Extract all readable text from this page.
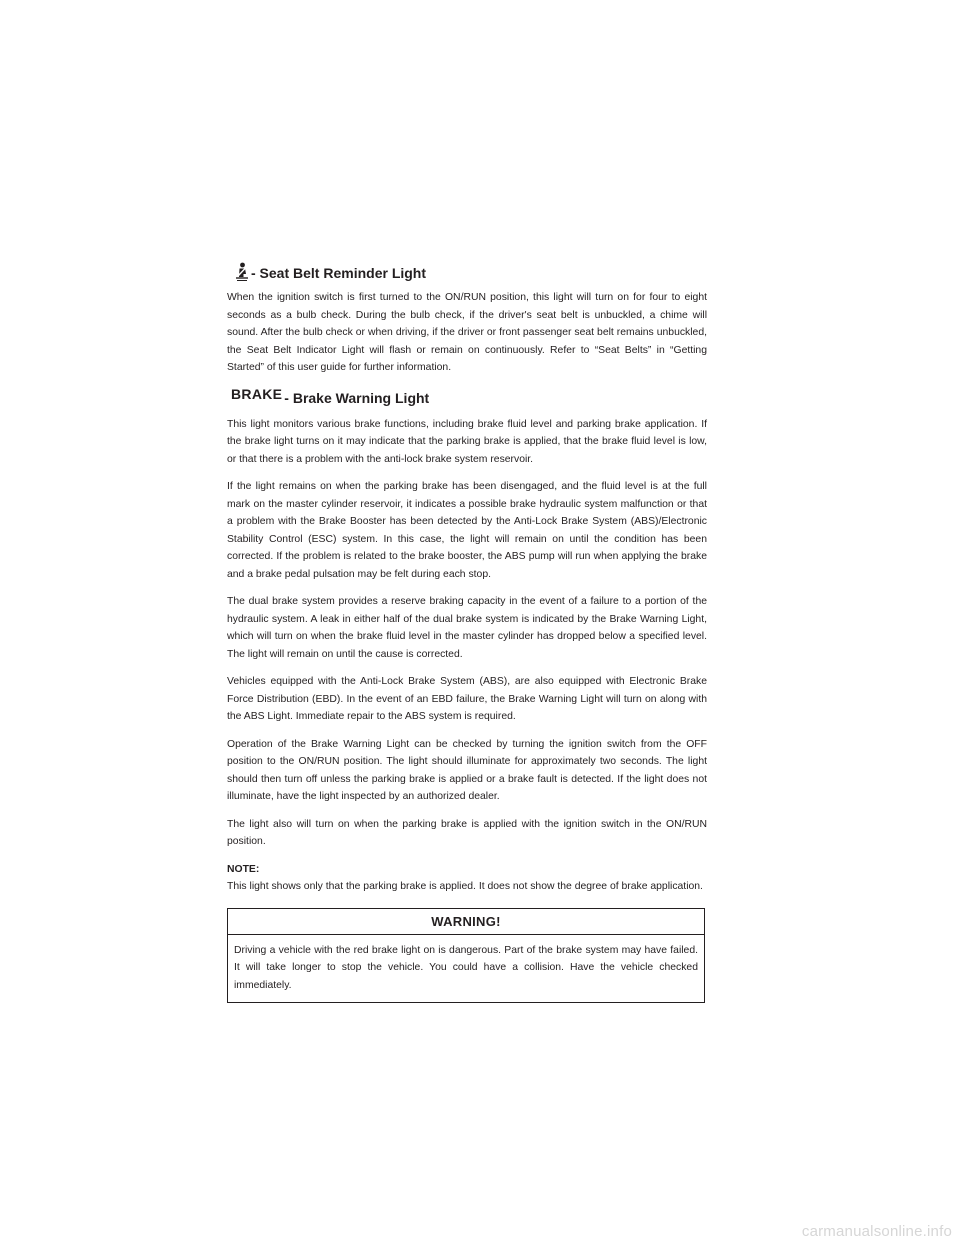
- Seat Belt Reminder Light

When the ignition switch is first turned to the ON/RUN position, this light will turn on for four to eight seconds as a bulb check. During the bulb check, if the driver's seat belt is unbuckled, a chime will sound. After the bulb check or when driving, if the driver or front passenger seat belt remains unbuckled, the Seat Belt Indicator Light will flash or remain on continuously. Refer to “Seat Belts” in “Getting Started” of this user guide for further information.

BRAKE - Brake Warning Light

This light monitors various brake functions, including brake fluid level and parking brake application. If the brake light turns on it may indicate that the parking brake is applied, that the brake fluid level is low, or that there is a problem with the anti-lock brake system reservoir.

If the light remains on when the parking brake has been disengaged, and the fluid level is at the full mark on the master cylinder reservoir, it indicates a possible brake hydraulic system malfunction or that a problem with the Brake Booster has been detected by the Anti-Lock Brake System (ABS)/Electronic Stability Control (ESC) system. In this case, the light will remain on until the condition has been corrected. If the problem is related to the brake booster, the ABS pump will run when applying the brake and a brake pedal pulsation may be felt during each stop.

The dual brake system provides a reserve braking capacity in the event of a failure to a portion of the hydraulic system. A leak in either half of the dual brake system is indicated by the Brake Warning Light, which will turn on when the brake fluid level in the master cylinder has dropped below a specified level. The light will remain on until the cause is corrected.

Vehicles equipped with the Anti-Lock Brake System (ABS), are also equipped with Electronic Brake Force Distribution (EBD). In the event of an EBD failure, the Brake Warning Light will turn on along with the ABS Light. Immediate repair to the ABS system is required.

Operation of the Brake Warning Light can be checked by turning the ignition switch from the OFF position to the ON/RUN position. The light should illuminate for approximately two seconds. The light should then turn off unless the parking brake is applied or a brake fault is detected. If the light does not illuminate, have the light inspected by an authorized dealer.

The light also will turn on when the parking brake is applied with the ignition switch in the ON/RUN position.

NOTE:

This light shows only that the parking brake is applied. It does not show the degree of brake application.

WARNING!

Driving a vehicle with the red brake light on is dangerous. Part of the brake system may have failed. It will take longer to stop the vehicle. You could have a collision. Have the vehicle checked immediately.

carmanualsonline.info
